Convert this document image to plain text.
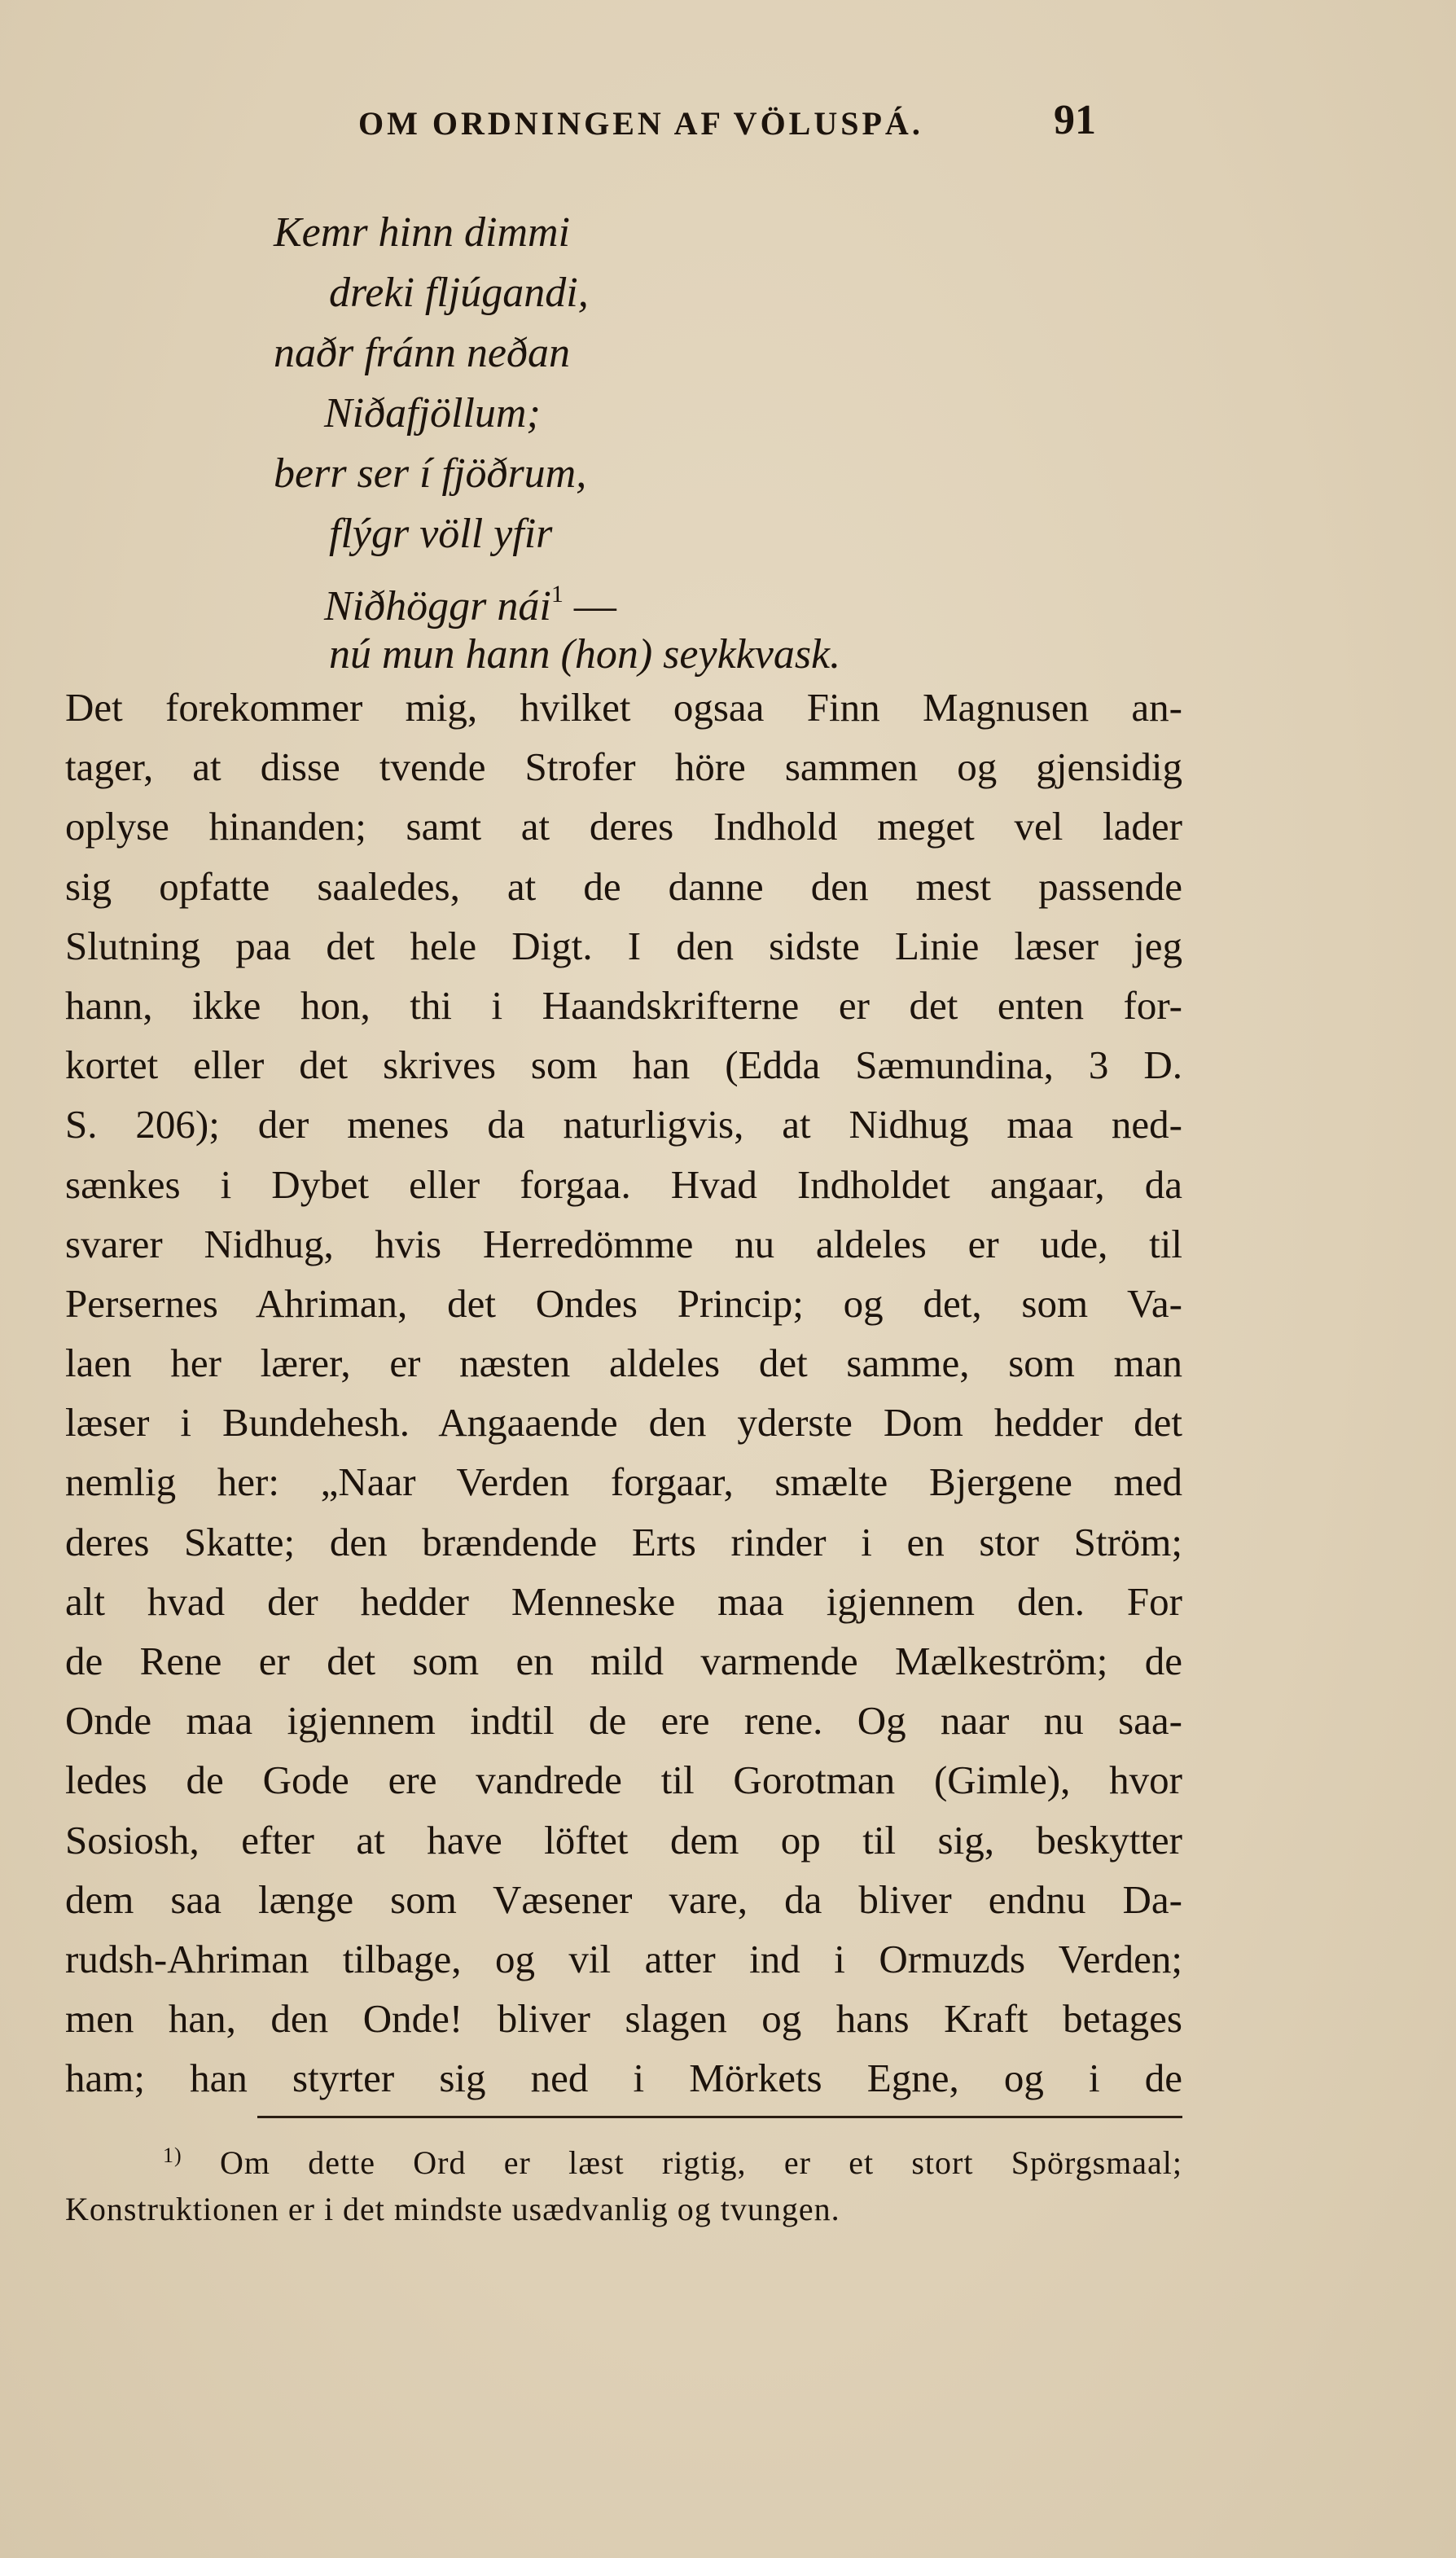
OM ORDNINGEN AF VÖLUSPÁ.	91
Kemr hinn dimmi
dreki fljúgandi,
naðr fránn neðan
Niðafjöllum;
berr ser í fjöðrum,
flýgr völl yfir
Niðhöggr nái$^1$ —
nú mun hann (hon) seykkvask.
Det forekommer mig, hvilket ogsaa Finn Magnusen an-
tager, at disse tvende Strofer höre sammen og gjensidig
oplyse hinanden; samt at deres Indhold meget vel lader
sig opfatte saaledes, at de danne den mest passende
Slutning paa det hele Digt. I den sidste Linie læser jeg
hann, ikke hon, thi i Haandskrifterne er det enten for-
kortet eller det skrives som han (Edda Sæmundina, 3 D.
S. 206); der menes da naturligvis, at Nidhug maa ned-
sænkes i Dybet eller forgaa. Hvad Indholdet angaar, da
svarer Nidhug, hvis Herredömme nu aldeles er ude, til
Persernes Ahriman, det Ondes Princip; og det, som Va-
laen her lærer, er næsten aldeles det samme, som man
læser i Bundehesh. Angaaende den yderste Dom hedder det
nemlig her: „Naar Verden forgaar, smælte Bjergene med
deres Skatte; den brændende Erts rinder i en stor Ström;
alt hvad der hedder Menneske maa igjennem den. For
de Rene er det som en mild varmende Mælkeström; de
Onde maa igjennem indtil de ere rene. Og naar nu saa-
ledes de Gode ere vandrede til Gorotman (Gimle), hvor
Sosiosh, efter at have löftet dem op til sig, beskytter
dem saa længe som Væsener vare, da bliver endnu Da-
rudsh-Ahriman tilbage, og vil atter ind i Ormuzds Verden;
men han, den Onde! bliver slagen og hans Kraft betages
ham; han styrter sig ned i Mörkets Egne, og i de
$^{1)}$ Om dette Ord er læst rigtig, er et stort Spörgsmaal;
Konstruktionen er i det mindste usædvanlig og tvungen.
